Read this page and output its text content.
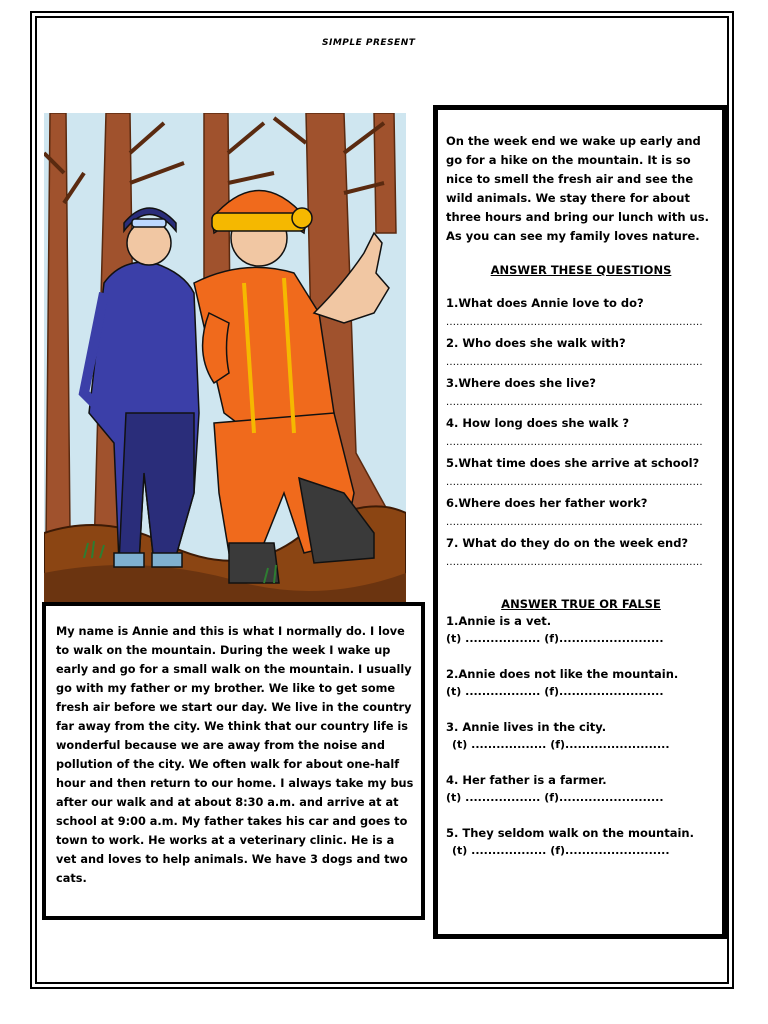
SIMPLE PRESENT

My name is Annie and this is what I normally do. I love to walk on the mountain. During the week I wake up early and go for a small walk on the mountain. I usually go with my father or my brother. We like to get some fresh air before we start our day. We live in the country far away from the city. We think that our country life is wonderful because we are away from the noise and pollution of the city. We often walk for about one-half hour and then return to our home. I always take my bus after our walk and at about 8:30 a.m. and arrive at at school at 9:00 a.m. My father takes his car and goes to town to work. He works at a veterinary clinic. He is a vet and loves to help animals. We have 3 dogs and two cats.

On the week end we wake up early and go for a hike on the mountain. It is so nice to smell the fresh air and see the wild animals. We stay there for about three hours and bring our lunch with us. As you can see my family loves nature.

ANSWER THESE QUESTIONS

1.What does Annie love to do?

............................................................................

2. Who does she walk with?

............................................................................

3.Where does she live?

............................................................................

4. How long does she walk ?

............................................................................

5.What time does she arrive at school?

............................................................................

6.Where does her father work?

............................................................................

7. What do they do on the week end?

............................................................................

ANSWER TRUE OR FALSE

1.Annie is a vet.

(t) .................. (f).........................

2.Annie does not like the mountain.

(t) .................. (f).........................

3. Annie lives in the city.

(t) .................. (f).........................

4. Her father is a farmer.

(t) .................. (f).........................

5. They seldom walk on the mountain.

(t) .................. (f).........................
